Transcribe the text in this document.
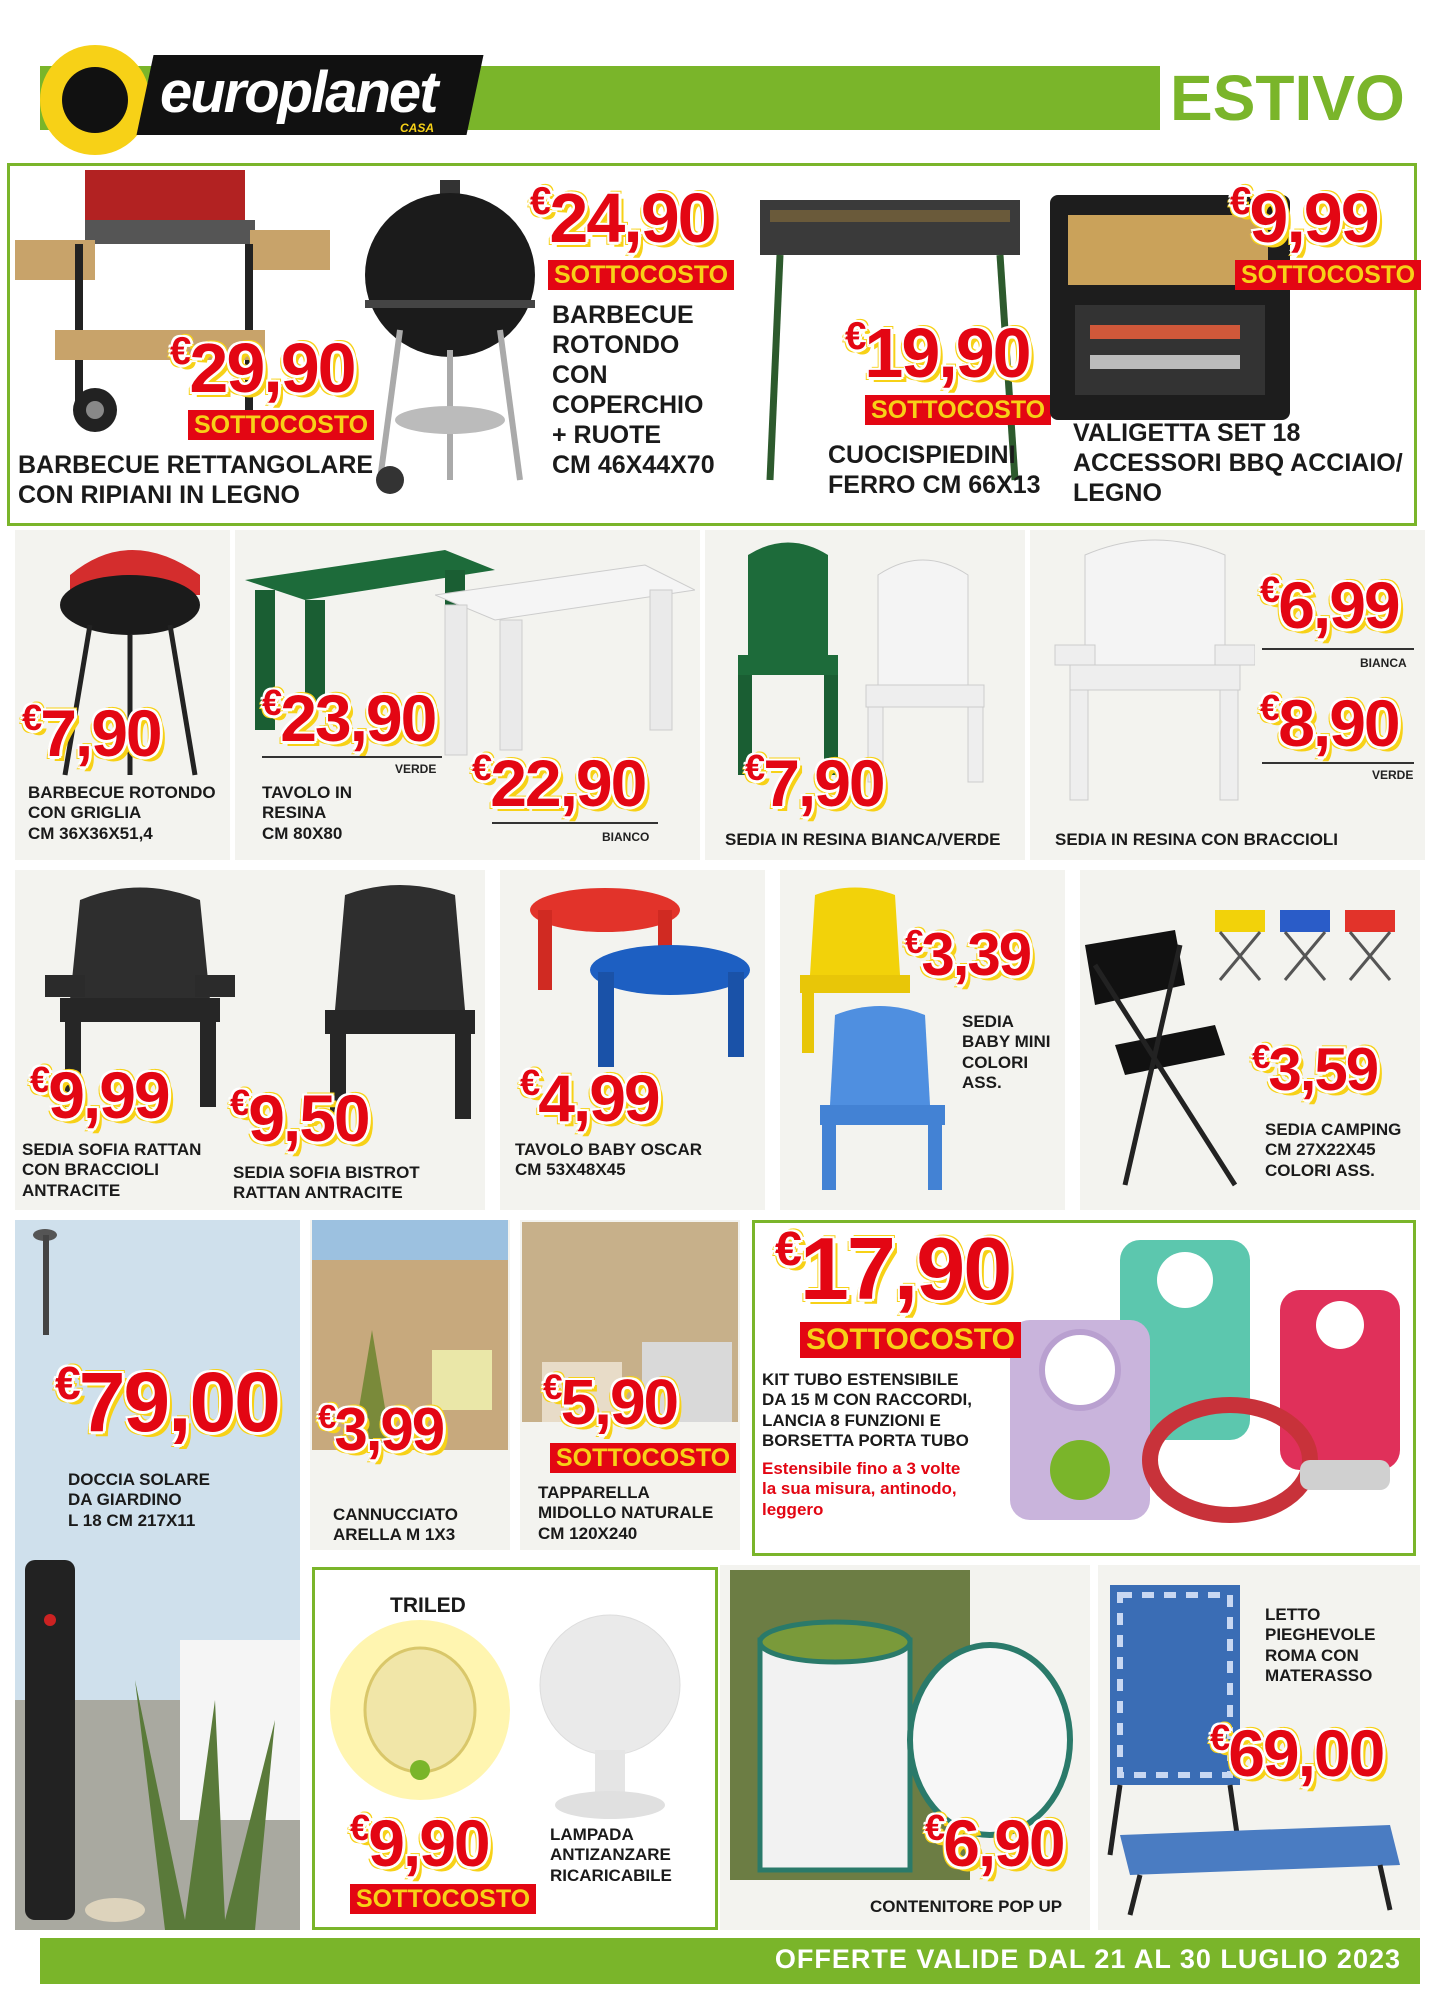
europlanet
CASA	ESTIVO
€29,90
SOTTOCOSTO
BARBECUE RETTANGOLARE CON RIPIANI IN LEGNO
€24,90
SOTTOCOSTO
BARBECUE
ROTONDO
CON
COPERCHIO
+ RUOTE
CM 46X44X70
€19,90
SOTTOCOSTO
CUOCISPIEDINI
FERRO CM 66X13
€9,99
SOTTOCOSTO
VALIGETTA SET 18
ACCESSORI BBQ ACCIAIO/
LEGNO
€7,90
BARBECUE ROTONDO
CON GRIGLIA
CM 36X36X51,4
€23,90
VERDE €22,90
BIANCO
TAVOLO IN
RESINA
CM 80X80
€7,90
SEDIA IN RESINA BIANCA/VERDE
€6,99
BIANCA
€8,90
VERDE
SEDIA IN RESINA CON BRACCIOLI
€9,99
SEDIA SOFIA RATTAN
CON BRACCIOLI
ANTRACITE
€9,50
SEDIA SOFIA BISTROT
RATTAN ANTRACITE
€4,99
TAVOLO BABY OSCAR
CM 53X48X45
€3,39
SEDIA
BABY MINI
COLORI
ASS.
€3,59
SEDIA CAMPING
CM 27X22X45
COLORI ASS.
€79,00
DOCCIA SOLARE
DA GIARDINO
L 18 CM 217X11
€3,99
CANNUCCIATO
ARELLA M 1X3
€5,90
SOTTOCOSTO
TAPPARELLA
MIDOLLO NATURALE
CM 120X240
€17,90
SOTTOCOSTO
KIT TUBO ESTENSIBILE
DA 15 M CON RACCORDI,
LANCIA 8 FUNZIONI E
BORSETTA PORTA TUBO
Estensibile fino a 3 volte
la sua misura, antinodo,
leggero
TRILED
€9,90
SOTTOCOSTO
LAMPADA
ANTIZANZARE
RICARICABILE
€6,90
CONTENITORE POP UP
LETTO
PIEGHEVOLE
ROMA CON
MATERASSO
€69,00
OFFERTE VALIDE DAL 21 AL 30 LUGLIO 2023
